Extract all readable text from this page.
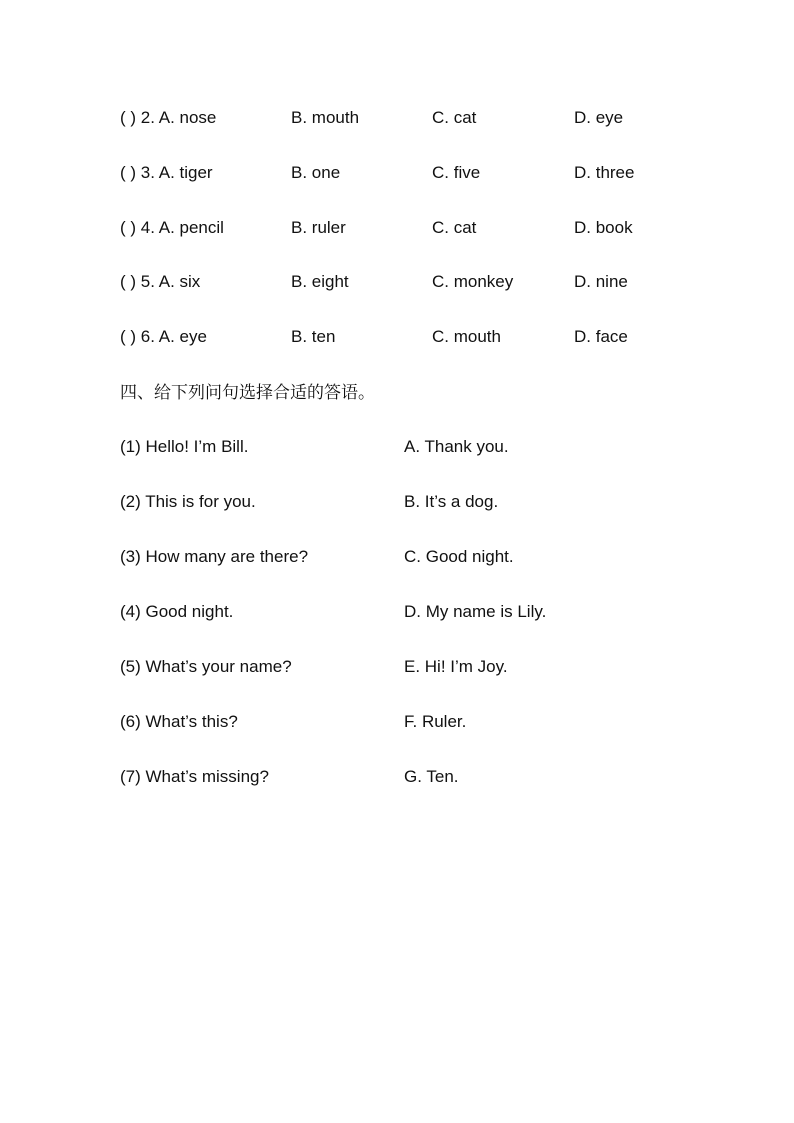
( ) 2. A. nose	B. mouth	C. cat	D. eye
( ) 3. A. tiger	B. one	C. five	D. three
( ) 4. A. pencil	B. ruler	C. cat	D. book
( ) 5. A. six	B. eight	C. monkey	D. nine
( ) 6. A. eye	B. ten	C. mouth	D. face
四、给下列问句选择合适的答语。
(1) Hello! I’m Bill.	A. Thank you.
(2) This is for you.	B. It’s a dog.
(3) How many are there?	C. Good night.
(4) Good night.	D. My name is Lily.
(5) What’s your name?	E. Hi! I’m Joy.
(6) What’s this?	F. Ruler.
(7) What’s missing?	G. Ten.
